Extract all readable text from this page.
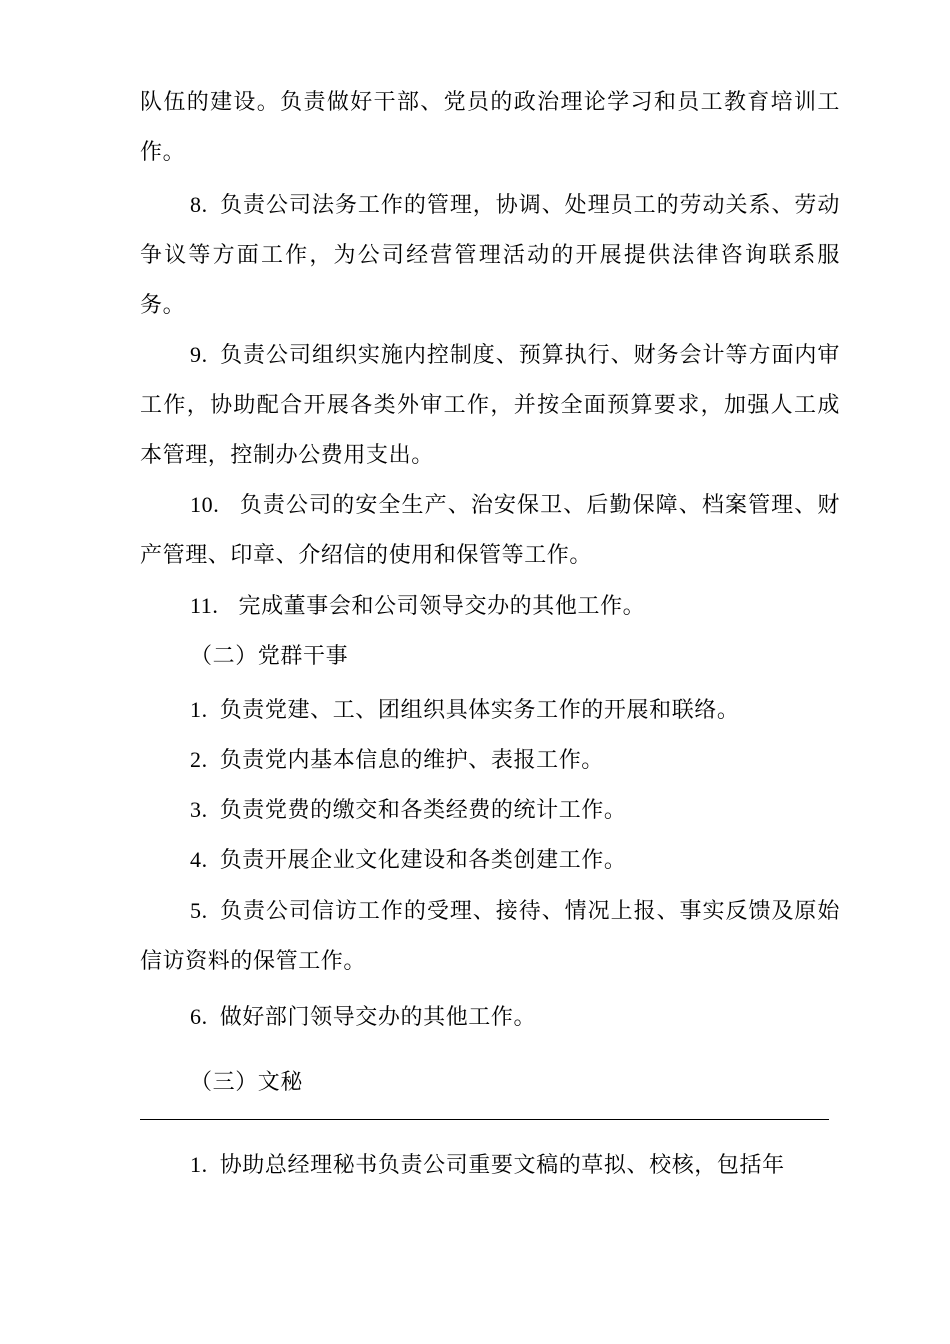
队伍的建设。负责做好干部、党员的政治理论学习和员工教育培训工作。

8. 负责公司法务工作的管理，协调、处理员工的劳动关系、劳动争议等方面工作，为公司经营管理活动的开展提供法律咨询联系服务。

9. 负责公司组织实施内控制度、预算执行、财务会计等方面内审工作，协助配合开展各类外审工作，并按全面预算要求，加强人工成本管理，控制办公费用支出。

10. 负责公司的安全生产、治安保卫、后勤保障、档案管理、财产管理、印章、介绍信的使用和保管等工作。

11. 完成董事会和公司领导交办的其他工作。

（二）党群干事

1. 负责党建、工、团组织具体实务工作的开展和联络。

2. 负责党内基本信息的维护、表报工作。

3. 负责党费的缴交和各类经费的统计工作。

4. 负责开展企业文化建设和各类创建工作。

5. 负责公司信访工作的受理、接待、情况上报、事实反馈及原始信访资料的保管工作。

6. 做好部门领导交办的其他工作。

（三）文秘

1. 协助总经理秘书负责公司重要文稿的草拟、校核，包括年
